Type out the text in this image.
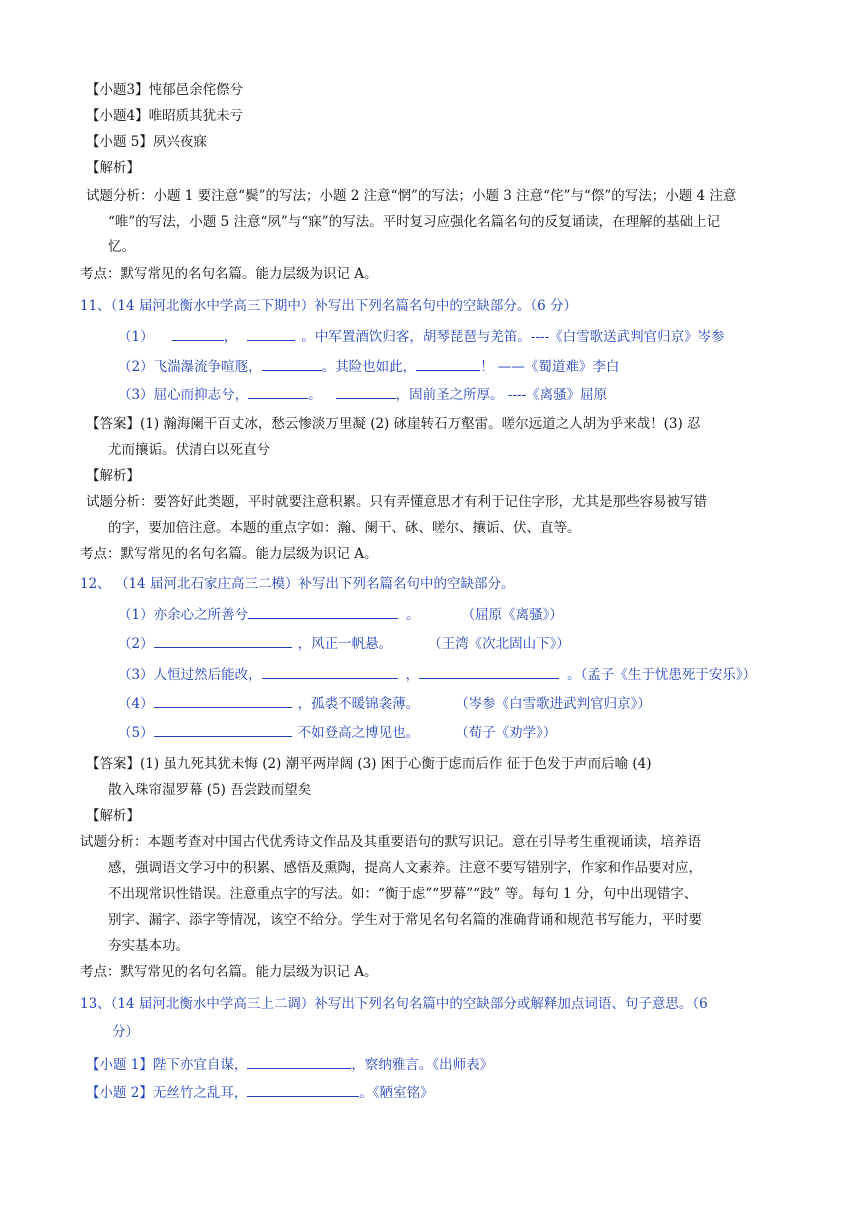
【小题3】忳郁邑余侘傺兮
【小题4】唯昭质其犹未亏
【小题 5】夙兴夜寐
【解析】
试题分析：小题 1 要注意“鬓”的写法；小题 2 注意“惘”的写法；小题 3 注意“侘”与“傺”的写法；小题 4 注意
“唯”的写法，小题 5 注意“夙”与“寐”的写法。平时复习应强化名篇名句的反复诵读，在理解的基础上记
忆。
考点：默写常见的名句名篇。能力层级为识记 A。
11、（14 届河北衡水中学高三下期中）补写出下列名篇名句中的空缺部分。（6 分）
（1）	，	。中军置酒饮归客，胡琴琵琶与羌笛。----《白雪歌送武判官归京》岑参
（2）飞湍瀑流争喧豗，	。其险也如此，	！ ——《蜀道难》李白
（3）屈心而抑志兮，	。	，固前圣之所厚。 ----《离骚》屈原
【答案】(1) 瀚海阑干百丈冰，愁云惨淡万里凝 (2) 砯崖转石万壑雷。嗟尔远道之人胡为乎来哉！(3) 忍
尤而攘诟。伏清白以死直兮
【解析】
试题分析：要答好此类题，平时就要注意积累。只有弄懂意思才有利于记住字形，尤其是那些容易被写错
的字，要加倍注意。本题的重点字如：瀚、阑干、砯、嗟尔、攘诟、伏、直等。
考点：默写常见的名句名篇。能力层级为识记 A。
12、 （14 届河北石家庄高三二模）补写出下列名篇名句中的空缺部分。
（1）亦余心之所善兮	。	（屈原《离骚》）
（2）	，风正一帆悬。	（王湾《次北固山下》）
（3）人恒过然后能改，	，	。（孟子《生于忧患死于安乐》）
（4）	，孤裘不暖锦衾薄。	（岑参《白雪歌进武判官归京》）
（5）	不如登高之博见也。	（荀子《劝学》）
【答案】(1) 虽九死其犹未悔 (2) 潮平两岸阔 (3) 困于心衡于虑而后作 征于色发于声而后喻 (4)
散入珠帘湿罗幕 (5) 吾尝跂而望矣
【解析】
试题分析：本题考查对中国古代优秀诗文作品及其重要语句的默写识记。意在引导考生重视诵读，培养语
感，强调语文学习中的积累、感悟及熏陶，提高人文素养。注意不要写错别字，作家和作品要对应，
不出现常识性错误。注意重点字的写法。如：“衡于虑”“罗幕”“跂” 等。每句 1 分，句中出现错字、
别字、漏字、添字等情况，该空不给分。学生对于常见名句名篇的准确背诵和规范书写能力，平时要
夯实基本功。
考点：默写常见的名句名篇。能力层级为识记 A。
13、（14 届河北衡水中学高三上二调）补写出下列名句名篇中的空缺部分或解释加点词语、句子意思。（6
分）
【小题 1】陛下亦宜自谋，	，察纳雅言。《出师表》
【小题 2】无丝竹之乱耳，	。《陋室铭》
